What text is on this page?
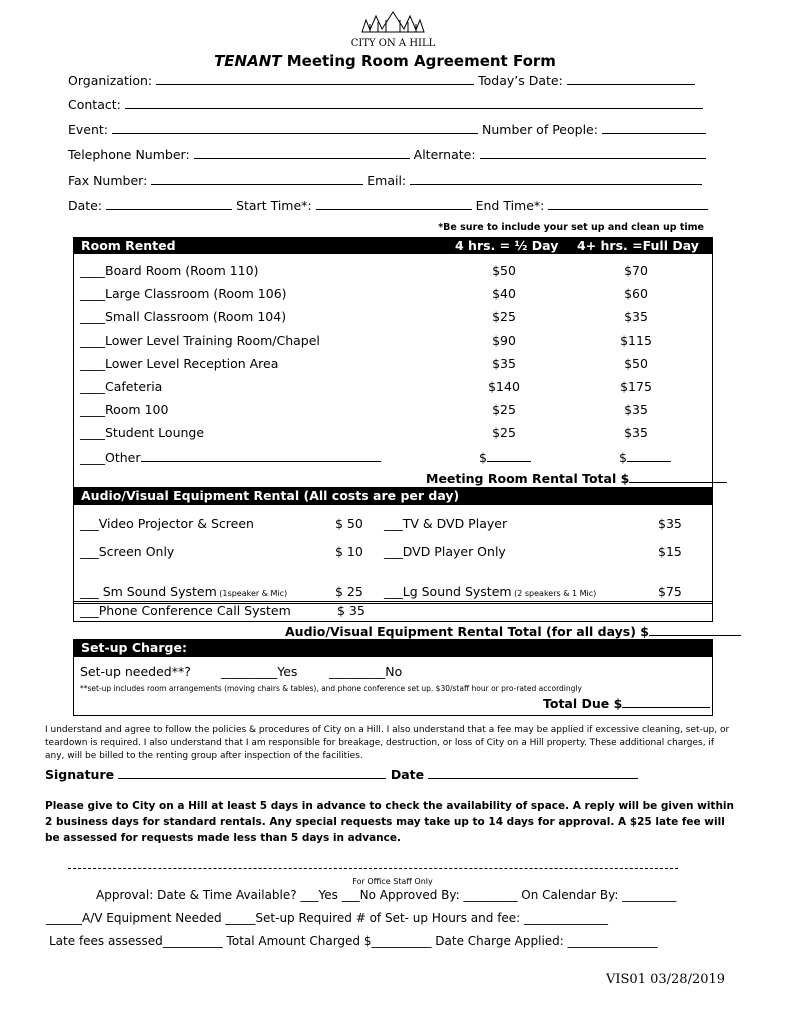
CITY ON A HILL
TENANT Meeting Room Agreement Form
Organization:	Today’s Date:
Contact:
Event:	Number of People:
Telephone Number:	Alternate:
Fax Number:	Email:
Date:	Start Time*:	End Time*:
*Be sure to include your set up and clean up time
Room Rented	4 hrs. = ½ Day 4+ hrs. =Full Day
____Board Room (Room 110)	$50	$70
____Large Classroom (Room 106)	$40	$60
____Small Classroom (Room 104)	$25	$35
____Lower Level Training Room/Chapel	$90	$115
____Lower Level Reception Area	$35	$50
____Cafeteria	$140	$175
____Room 100	$25	$35
____Student Lounge	$25	$35
____Other	$	$
Meeting Room Rental Total $
Audio/Visual Equipment Rental (All costs are per day)
___Video Projector & Screen	$ 50 ___TV & DVD Player	$35
___Screen Only	$ 10 ___DVD Player Only	$15
___ Sm Sound System (1speaker & Mic)	$ 25 ___Lg Sound System (2 speakers & 1 Mic)	$75
___Phone Conference Call System	$ 35
Audio/Visual Equipment Rental Total (for all days) $
Set-up Charge:
Set-up needed**? _________Yes	_________No
**set-up includes room arrangements (moving chairs & tables), and phone conference set up. $30/staff hour or pro-rated accordingly
Total Due $
I understand and agree to follow the policies & procedures of City on a Hill. I also understand that a fee may be applied if excessive cleaning, set-up, or teardown is required. I also understand that I am responsible for breakage, destruction, or loss of City on a Hill property. These additional charges, if any, will be billed to the renting group after inspection of the facilities.
Signature	Date
Please give to City on a Hill at least 5 days in advance to check the availability of space. A reply will be given within 2 business days for standard rentals. Any special requests may take up to 14 days for approval. A $25 late fee will be assessed for requests made less than 5 days in advance.
For Office Staff Only
Approval: Date & Time Available? ___Yes ___No Approved By: _________ On Calendar By: _________
______A/V Equipment Needed _____Set-up Required # of Set- up Hours and fee: ______________
Late fees assessed__________ Total Amount Charged $__________ Date Charge Applied: _______________
VIS01 03/28/2019
